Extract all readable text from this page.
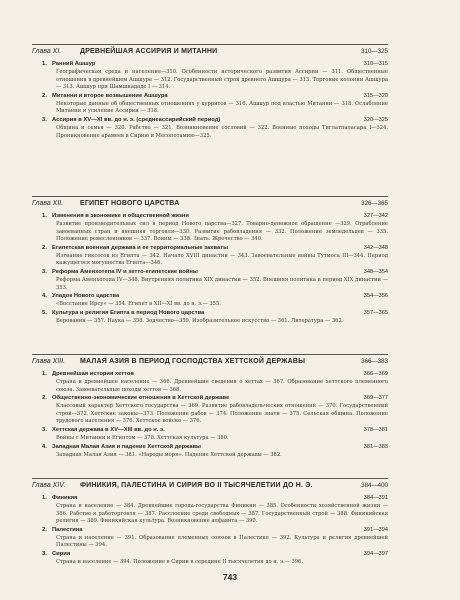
Глава XI.	ДРЕВНЕЙШАЯ АССИРИЯ И МИТАННИ	310—325
1. Ранний Ашшур	310—315
Географическая среда и население—310. Особенности исторического развития Ассирии — 311. Общественные отношения в древнейшем Ашшуре — 312. Государственный строй древнего Ашшура — 313. Торговые колонии Ашшура — 313. Ашшур при Шамшиададе I — 314.
2. Митанни и второе возвышение Ашшура	315—320
Некоторые данные об общественных отношениях у хурритов — 316. Ашшур под властью Митанни — 318. Ослабление Митанни и усиление Ассирии — 318.
3. Ассирия в XV—XI вв. до н. э. (среднеассирийский период)	320—325
Община и семья — 320. Рабство — 321. Возникновение сословий — 322. Военные походы Тиглатпаласара I—324. Проникновение арамеев в Сирию и Месопотамию—325.
Глава XII. ЕГИПЕТ НОВОГО ЦАРСТВА	326—365
1. Изменения в экономике и общественной жизни	327—342
Развитие производительных сил в период Нового царства—327. Товарно-денежное обращение —329. Ограбление завоеванных стран и внешняя торговля—330. Развитие рабовладения — 332. Положение земледельцев — 335. Положение ремесленников — 337. Воины — 338. Знать. Жречество — 340.
2. Египетская военная держава и ее территориальные захваты	342—348
Изгнание гиксосов из Египта — 342. Начало XVIII династии — 343. Завоевательные войны Тутмоса III—344. Период кажущегося могущества Египта—346.
3. Реформа Аменхотепа IV и хетто-египетские войны	348—354
Реформа Аменхотепа IV—348. Внутренняя политика XIX династии — 352. Внешняя политика в период XIX династии — 353.
4. Упадок Нового царства	354—356
«Восстание Ирсу» — 354. Египет в XII—XI вв. до н. э.— 355.
5. Культура и религия Египта в период Нового царства	357—365
Верования — 357. Наука — 358. Зодчество—359. Изобразительное искусство — 361. Литература — 362.
Глава XIII. МАЛАЯ АЗИЯ В ПЕРИОД ГОСПОДСТВА ХЕТТСКОЙ ДЕРЖАВЫ	366—383
1. Древнейшая история хеттов	366—369
Страна и древнейшее население — 366. Древнейшие сведения о хеттах — 367. Образование хеттского племенного союза. Завоевательные походы хеттов — 368.
2. Общественно-экономические отношения в Хеттской державе	369—377
Классовый характер Хеттского государства — 369. Развитие рабовладельческих отношений — 370. Государственный строй—372. Хеттские законы—373. Положение рабов — 374. Положение знати — 375. Сельская община. Положение трудового населения — 376. Хеттское войско — 376.
3. Хеттская держава в XV—XIII вв. до н. э.	378—381
Войны с Митанни и Египтом — 378. Хеттская культура — 380.
4. Западная Малая Азия и падение Хеттской державы	381—383
Западная Малая Азия — 381. «Народы моря». Падение Хеттской державы — 382.
Глава XIV. ФИНИКИЯ, ПАЛЕСТИНА И СИРИЯ ВО II ТЫСЯЧЕЛЕТИИ ДО Н. Э.	384—400
1. Финикия	384—391
Страна и население — 384. Древнейшие города-государства Финикии — 385. Особенности хозяйственной жизни — 386. Рабство и работорговля — 387. Расслоение среди свободных — 387. Государственный строй — 388. Финикийская религия — 389. Финикийская культура. Возникновение алфавита — 390.
2. Палестина	391—394
Страна и население — 391. Образование племенных союзов в Палестине — 392. Культура и религия древнейшей Палестины — 394.
3. Сирия	394—397
Страна и население — 394. Положение в Сирии в середине II тысячелетия до н. э.— 396.
743
